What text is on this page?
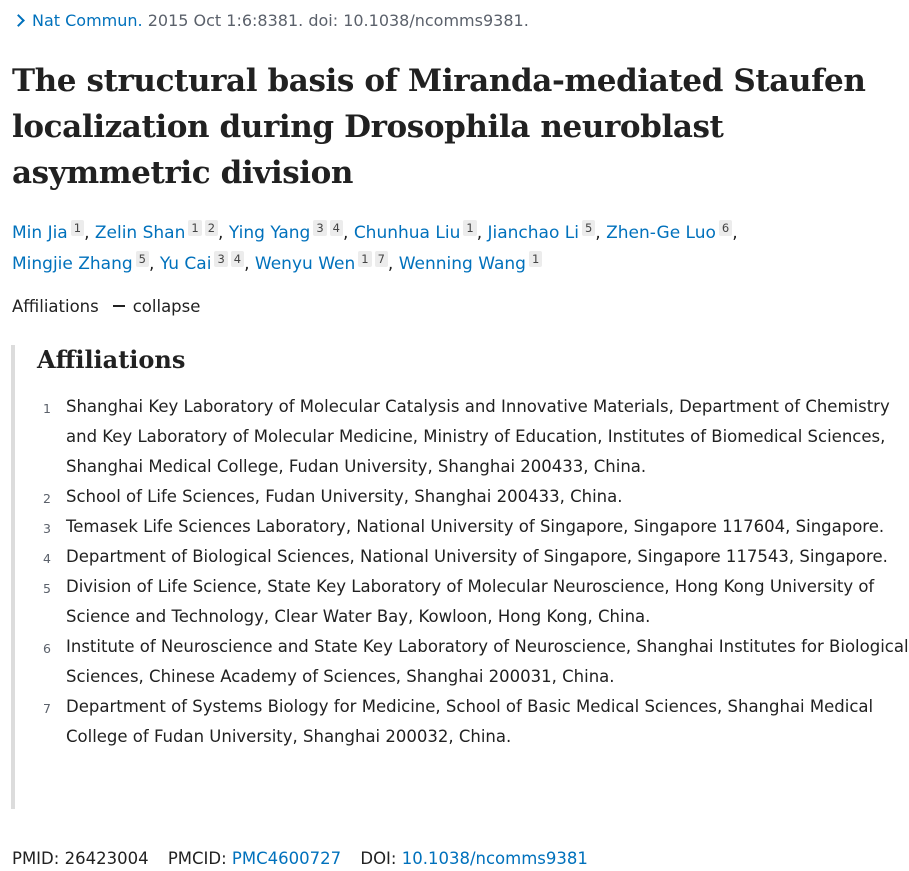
Nat Commun. 2015 Oct 1:6:8381. doi: 10.1038/ncomms9381.
The structural basis of Miranda-mediated Staufen localization during Drosophila neuroblast asymmetric division
Min Jia 1 , Zelin Shan 1 2 , Ying Yang 3 4 , Chunhua Liu 1 , Jianchao Li 5 , Zhen-Ge Luo 6 ,
Mingjie Zhang 5 , Yu Cai 3 4 , Wenyu Wen 1 7 , Wenning Wang 1
Affiliations collapse
Affiliations
1 Shanghai Key Laboratory of Molecular Catalysis and Innovative Materials, Department of Chemistry and Key Laboratory of Molecular Medicine, Ministry of Education, Institutes of Biomedical Sciences, Shanghai Medical College, Fudan University, Shanghai 200433, China.
2 School of Life Sciences, Fudan University, Shanghai 200433, China.
3 Temasek Life Sciences Laboratory, National University of Singapore, Singapore 117604, Singapore.
4 Department of Biological Sciences, National University of Singapore, Singapore 117543, Singapore.
5 Division of Life Science, State Key Laboratory of Molecular Neuroscience, Hong Kong University of Science and Technology, Clear Water Bay, Kowloon, Hong Kong, China.
6 Institute of Neuroscience and State Key Laboratory of Neuroscience, Shanghai Institutes for Biological Sciences, Chinese Academy of Sciences, Shanghai 200031, China.
7 Department of Systems Biology for Medicine, School of Basic Medical Sciences, Shanghai Medical College of Fudan University, Shanghai 200032, China.
PMID: 26423004 PMCID: PMC4600727 DOI: 10.1038/ncomms9381
